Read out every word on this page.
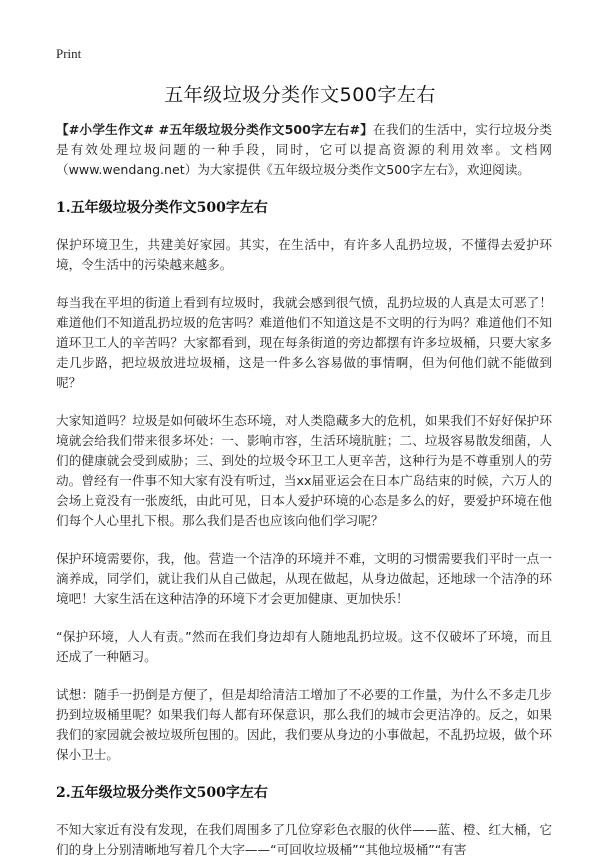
Print
五年级垃圾分类作文500字左右

【#小学生作文# #五年级垃圾分类作文500字左右#】在我们的生活中，实行垃圾分类是有效处理垃圾问题的一种手段，同时，它可以提高资源的利用效率。文档网（www.wendang.net）为大家提供《五年级垃圾分类作文500字左右》，欢迎阅读。

1.五年级垃圾分类作文500字左右

保护环境卫生，共建美好家园。其实，在生活中，有许多人乱扔垃圾，不懂得去爱护环境，令生活中的污染越来越多。

每当我在平坦的街道上看到有垃圾时，我就会感到很气愤，乱扔垃圾的人真是太可恶了！难道他们不知道乱扔垃圾的危害吗？难道他们不知道这是不文明的行为吗？难道他们不知道环卫工人的辛苦吗？大家都看到，现在每条街道的旁边都摆有许多垃圾桶，只要大家多走几步路，把垃圾放进垃圾桶，这是一件多么容易做的事情啊，但为何他们就不能做到呢？

大家知道吗？垃圾是如何破坏生态环境，对人类隐藏多大的危机，如果我们不好好保护环境就会给我们带来很多坏处：一、影响市容，生活环境肮脏；二、垃圾容易散发细菌，人们的健康就会受到威胁；三、到处的垃圾令环卫工人更辛苦，这种行为是不尊重别人的劳动。曾经有一件事不知大家有没有听过，当xx届亚运会在日本广岛结束的时候，六万人的会场上竟没有一张废纸，由此可见，日本人爱护环境的心态是多么的好，要爱护环境在他们每个人心里扎下根。那么我们是否也应该向他们学习呢？

保护环境需要你，我，他。营造一个洁净的环境并不难，文明的习惯需要我们平时一点一滴养成，同学们，就让我们从自己做起，从现在做起，从身边做起，还地球一个洁净的环境吧！大家生活在这种洁净的环境下才会更加健康、更加快乐！

“保护环境，人人有责。”然而在我们身边却有人随地乱扔垃圾。这不仅破坏了环境，而且还成了一种陋习。

试想：随手一扔倒是方便了，但是却给清洁工增加了不必要的工作量，为什么不多走几步扔到垃圾桶里呢？如果我们每人都有环保意识，那么我们的城市会更洁净的。反之，如果我们的家园就会被垃圾所包围的。因此，我们要从身边的小事做起，不乱扔垃圾，做个环保小卫士。

2.五年级垃圾分类作文500字左右

不知大家近有没有发现，在我们周围多了几位穿彩色衣服的伙伴——蓝、橙、红大桶，它们的身上分别清晰地写着几个大字——“可回收垃圾桶”“其他垃圾桶”“有害
